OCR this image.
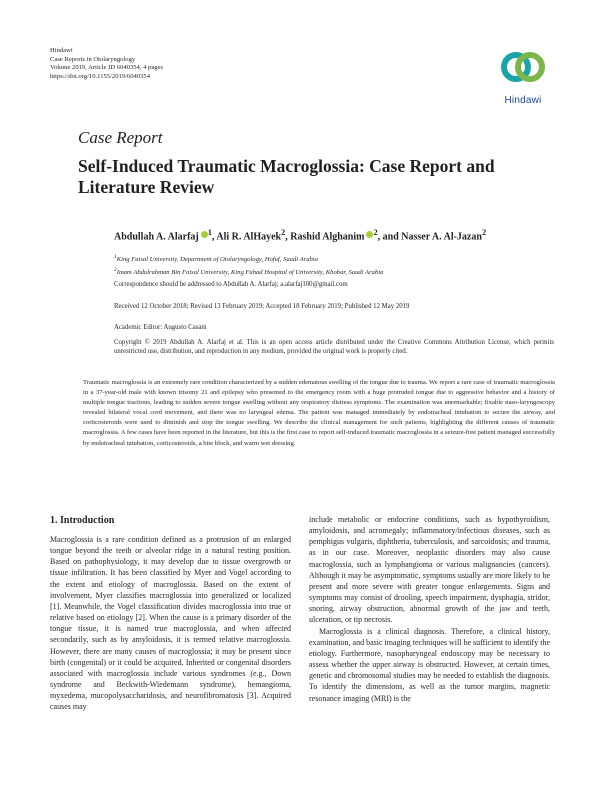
Hindawi
Case Reports in Otolaryngology
Volume 2019, Article ID 6040354, 4 pages
https://doi.org/10.1155/2019/6040354
Hindawi
Case Report
Self-Induced Traumatic Macroglossia: Case Report and Literature Review
Abdullah A. Alarfaj $^1$, Ali R. AlHayek$^2$, Rashid Alghanim $^2$, and Nasser A. Al-Jazan$^2$
$^1$King Faisal University, Department of Otolaryngology, Hofuf, Saudi Arabia
$^2$Imam Abdulrahman Bin Faisal University, King Fahad Hospital of University, Khobar, Saudi Arabia
Correspondence should be addressed to Abdullah A. Alarfaj; a.alarfaj100@gmail.com
Received 12 October 2018; Revised 13 February 2019; Accepted 18 February 2019; Published 12 May 2019
Academic Editor: Augusto Casani
Copyright © 2019 Abdullah A. Alarfaj et al. This is an open access article distributed under the Creative Commons Attribution License, which permits unrestricted use, distribution, and reproduction in any medium, provided the original work is properly cited.
Traumatic macroglossia is an extremely rare condition characterized by a sudden edematous swelling of the tongue due to trauma. We report a rare case of traumatic macroglossia in a 37-year-old male with known trisomy 21 and epilepsy who presented to the emergency room with a huge protruded tongue due to aggressive behavior and a history of multiple tongue tractions, leading to sudden severe tongue swelling without any respiratory distress symptoms. The examination was unremarkable; fixable naso-laryngoscopy revealed bilateral vocal cord movement, and there was no laryngeal edema. The patient was managed immediately by endotracheal intubation to secure the airway, and corticosteroids were used to diminish and stop the tongue swelling. We describe the clinical management for such patients, highlighting the different causes of traumatic macroglossia. A few cases have been reported in the literature, but this is the first case to report self-induced traumatic macroglossia in a seizure-free patient managed successfully by endotracheal intubation, corticosteroids, a bite block, and warm wet dressing.
1. Introduction

Macroglossia is a rare condition defined as a protrusion of an enlarged tongue beyond the teeth or alveolar ridge in a natural resting position. Based on pathophysiology, it may develop due to tissue overgrowth or tissue infiltration. It has been classified by Myer and Vogel according to the extent and etiology of macroglossia. Based on the extent of involvement, Myer classifies macroglossia into generalized or localized [1]. Meanwhile, the Vogel classification divides macroglossia into true or relative based on etiology [2]. When the cause is a primary disorder of the tongue tissue, it is named true macroglossia, and when affected secondarily, such as by amyloidosis, it is termed relative macroglossia. However, there are many causes of macroglossia; it may be present since birth (congenital) or it could be acquired. Inherited or congenital disorders associated with macroglossia include various syndromes (e.g., Down syndrome and Beckwith-Wiedemann syndrome), hemangioma, myxedema, mucopolysaccharidosis, and neurofibromatosis [3]. Acquired causes may

include metabolic or endocrine conditions, such as hypothyroidism, amyloidosis, and acromegaly; inflammatory/infectious diseases, such as pemphigus vulgaris, diphtheria, tuberculosis, and sarcoidosis; and trauma, as in our case. Moreover, neoplastic disorders may also cause macroglossia, such as lymphangioma or various malignancies (cancers). Although it may be asymptomatic, symptoms usually are more likely to be present and more severe with greater tongue enlargements. Signs and symptoms may consist of drooling, speech impairment, dysphagia, stridor, snoring, airway obstruction, abnormal growth of the jaw and teeth, ulceration, or tip necrosis.

Macroglossia is a clinical diagnosis. Therefore, a clinical history, examination, and basic imaging techniques will be sufficient to identify the etiology. Furthermore, nasopharyngeal endoscopy may be necessary to assess whether the upper airway is obstructed. However, at certain times, genetic and chromosomal studies may be needed to establish the diagnosis. To identify the dimensions, as well as the tumor margins, magnetic resonance imaging (MRI) is the
